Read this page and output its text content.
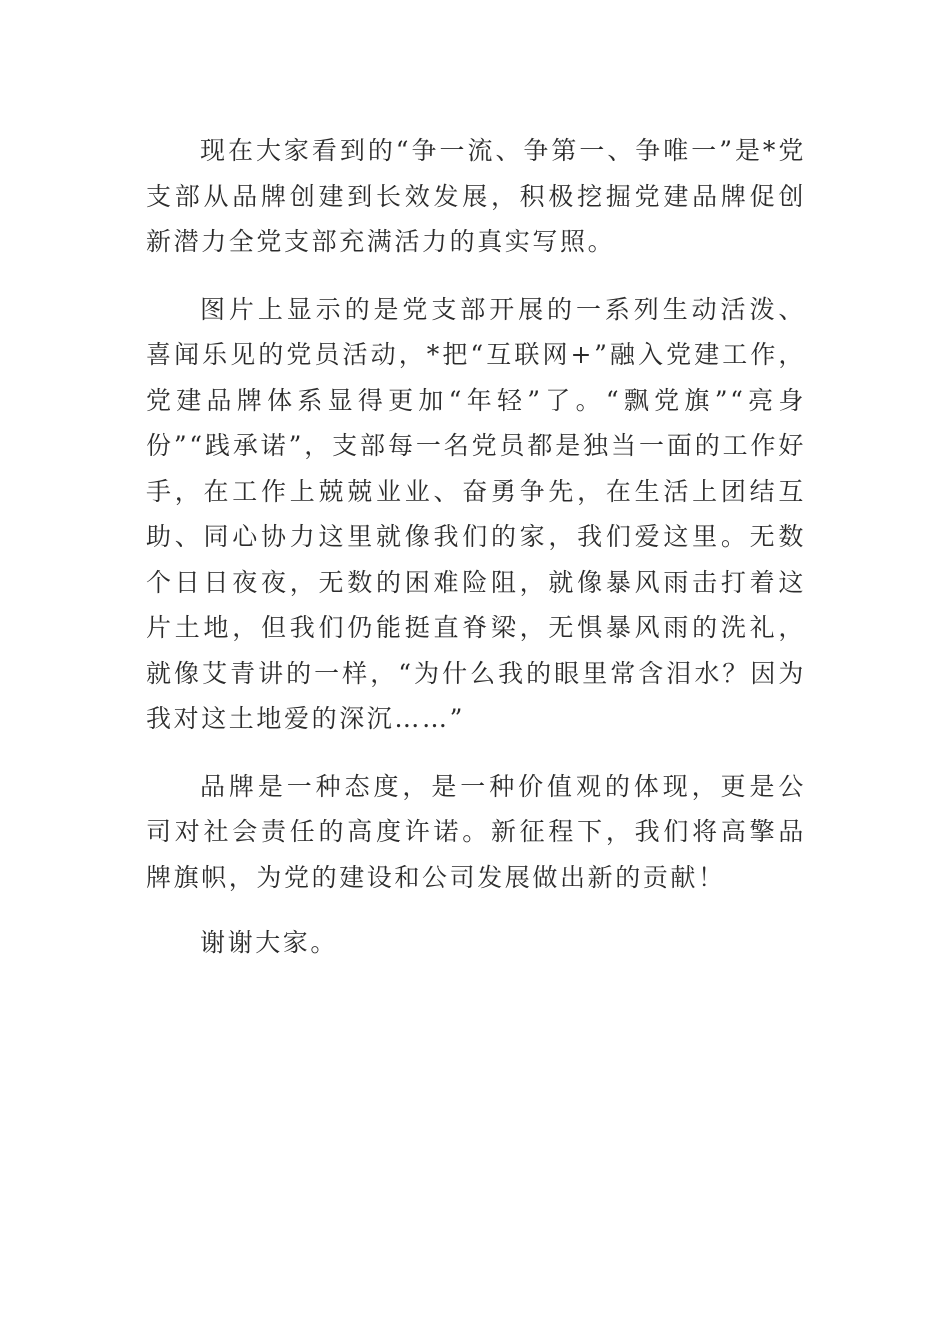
现在大家看到的“争一流、争第一、争唯一”是*党支部从品牌创建到长效发展，积极挖掘党建品牌促创新潜力全党支部充满活力的真实写照。

图片上显示的是党支部开展的一系列生动活泼、喜闻乐见的党员活动，*把“互联网+”融入党建工作，党建品牌体系显得更加“年轻”了。“飘党旗”“亮身份”“践承诺”，支部每一名党员都是独当一面的工作好手，在工作上兢兢业业、奋勇争先，在生活上团结互助、同心协力这里就像我们的家，我们爱这里。无数个日日夜夜，无数的困难险阻，就像暴风雨击打着这片土地，但我们仍能挺直脊梁，无惧暴风雨的洗礼，就像艾青讲的一样，“为什么我的眼里常含泪水？因为我对这土地爱的深沉……”

品牌是一种态度，是一种价值观的体现，更是公司对社会责任的高度许诺。新征程下，我们将高擎品牌旗帜，为党的建设和公司发展做出新的贡献！

谢谢大家。
